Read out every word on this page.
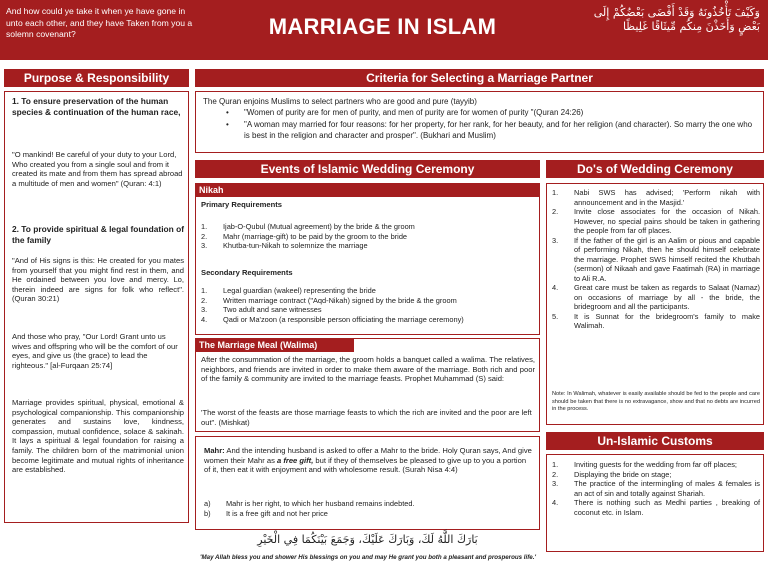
And how could ye take it when ye have gone in unto each other, and they have Taken from you a solemn covenant?	MARRIAGE IN ISLAM
وَكَيْفَ تَأْخُذُونَهُ وَقَدْ أَفْضَى بَعْضُكُمْ إِلَى بَعْضٍ وَأَخَذْنَ مِنكُم مِّيثَاقًا غَلِيظًا
Purpose & Responsibility
1. To ensure preservation of the human species & continuation of the human race,
"O mankind! Be careful of your duty to your Lord, Who created you from a single soul and from it created its mate and from them has spread abroad a multitude of men and women" (Quran: 4:1)
2. To provide spiritual & legal foundation of the family
"And of His signs is this: He created for you mates from yourself that you might find rest in them, and He ordained between you love and mercy. Lo, therein indeed are signs for folk who reflect". (Quran 30:21)
And those who pray, "Our Lord! Grant unto us wives and offspring who will be the comfort of our eyes, and give us (the grace) to lead the righteous." [al-Furqaan 25:74]
Marriage provides spiritual, physical, emotional & psychological companionship. This companionship generates and sustains love, kindness, compassion, mutual confidence, solace & sakinah. It lays a spiritual & legal foundation for raising a family. The children born of the matrimonial union become legitimate and mutual rights of inheritance are established.
Criteria for Selecting a Marriage Partner
The Quran enjoins Muslims to select partners who are good and pure (tayyib)
•	"Women of purity are for men of purity, and men of purity are for women of purity "(Quran 24:26)
•	"A woman may married for four reasons: for her property, for her rank, for her beauty, and for her religion (and character). So marry the one who is best in the religion and character and prosper". (Bukhari and Muslim)
Events of Islamic Wedding Ceremony
Nikah
Primary Requirements
1.	Ijab-O-Qubul (Mutual agreement) by the bride & the groom
2.	Mahr (marriage-gift) to be paid by the groom to the bride
3.	Khutba-tun-Nikah to solemnize the marriage
Secondary Requirements
1.	Legal guardian (wakeel) representing the bride
2.	Written marriage contract ("Aqd-Nikah) signed by the bride & the groom
3.	Two adult and sane witnesses
4.	Qadi or Ma'zoon (a responsible person officiating the marriage ceremony)
The Marriage Meal (Walima)
After the consummation of the marriage, the groom holds a banquet called a walima. The relatives, neighbors, and friends are invited in order to make them aware of the marriage. Both rich and poor of the family & community are invited to the marriage feasts. Prophet Muhammad (S) said:
'The worst of the feasts are those marriage feasts to which the rich are invited and the poor are left out". (Mishkat)
Mahr: And the intending husband is asked to offer a Mahr to the bride. Holy Quran says, And give women their Mahr as a free gift, but if they of themselves be pleased to give up to you a portion of it, then eat it with enjoyment and with wholesome result. (Surah Nisa 4:4)
a)	Mahr is her right, to which her husband remains indebted.
b)	It is a free gift and not her price
بَارَكَ اللَّهُ لَكَ، وَبَارَكَ عَلَيْكَ، وَجَمَعَ بَيْنَكُمَا فِي الْخَيْرِ
'May Allah bless you and shower His blessings on you and may He grant you both a pleasant and prosperous life.'
Do's of Wedding Ceremony
1.	Nabi SWS has advised; 'Perform nikah with announcement and in the Masjid.'
2.	Invite close associates for the occasion of Nikah. However, no special pains should be taken in gathering the people from far off places.
3.	If the father of the girl is an Aalim or pious and capable of performing Nikah, then he should himself celebrate the marriage. Prophet SWS himself recited the Khutbah (sermon) of Nikaah and gave Faatimah (RA) in marriage to Ali R.A.
4.	Great care must be taken as regards to Salaat (Namaz) on occasions of marriage by all - the bride, the bridegroom and all the participants.
5.	It is Sunnat for the bridegroom's family to make Walimah.
Note: In Walimah, whatever is easily available should be fed to the people and care should be taken that there is no extravagance, show and that no debts are incurred in the process.
Un-Islamic Customs
1.	Inviting guests for the wedding from far off places;
2.	Displaying the bride on stage;
3.	The practice of the intermingling of males & females is an act of sin and totally against Shariah.
4.	There is nothing such as Medhi parties , breaking of coconut etc. in Islam.
